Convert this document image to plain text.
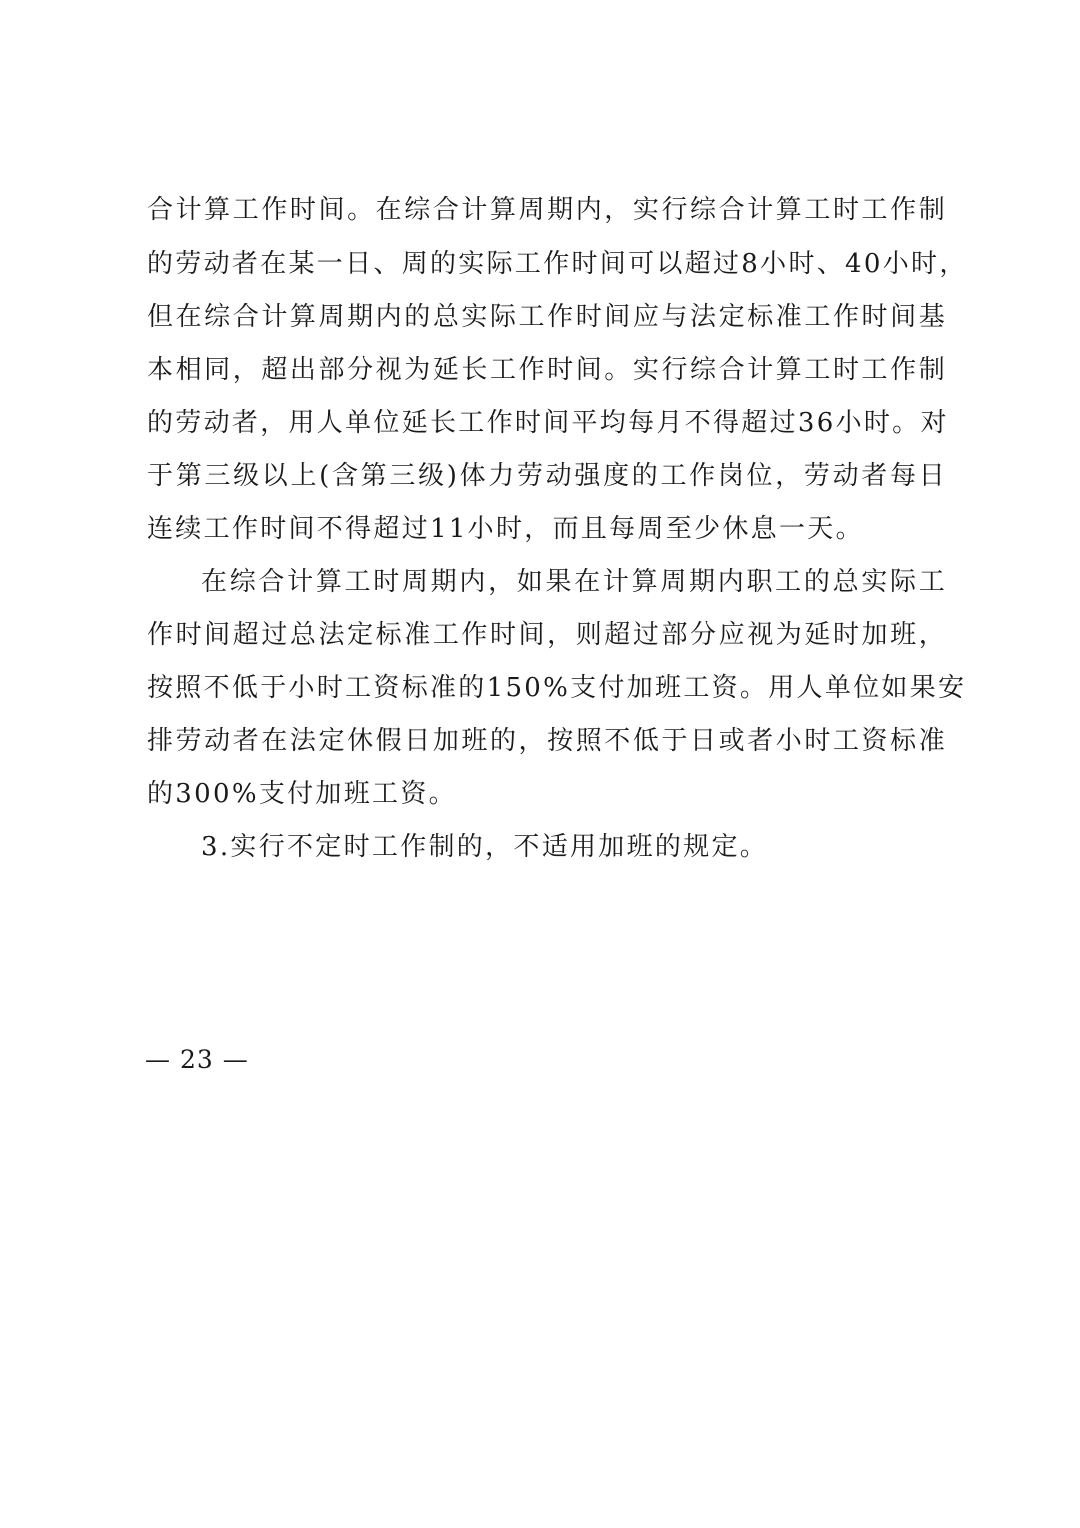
合计算工作时间。在综合计算周期内，实行综合计算工时工作制
的劳动者在某一日、周的实际工作时间可以超过8小时、40小时，
但在综合计算周期内的总实际工作时间应与法定标准工作时间基
本相同，超出部分视为延长工作时间。实行综合计算工时工作制
的劳动者，用人单位延长工作时间平均每月不得超过36小时。对
于第三级以上(含第三级)体力劳动强度的工作岗位，劳动者每日
连续工作时间不得超过11小时，而且每周至少休息一天。
在综合计算工时周期内，如果在计算周期内职工的总实际工
作时间超过总法定标准工作时间，则超过部分应视为延时加班，
按照不低于小时工资标准的150%支付加班工资。用人单位如果安
排劳动者在法定休假日加班的，按照不低于日或者小时工资标准
的300%支付加班工资。
3.实行不定时工作制的，不适用加班的规定。
— 23 —
